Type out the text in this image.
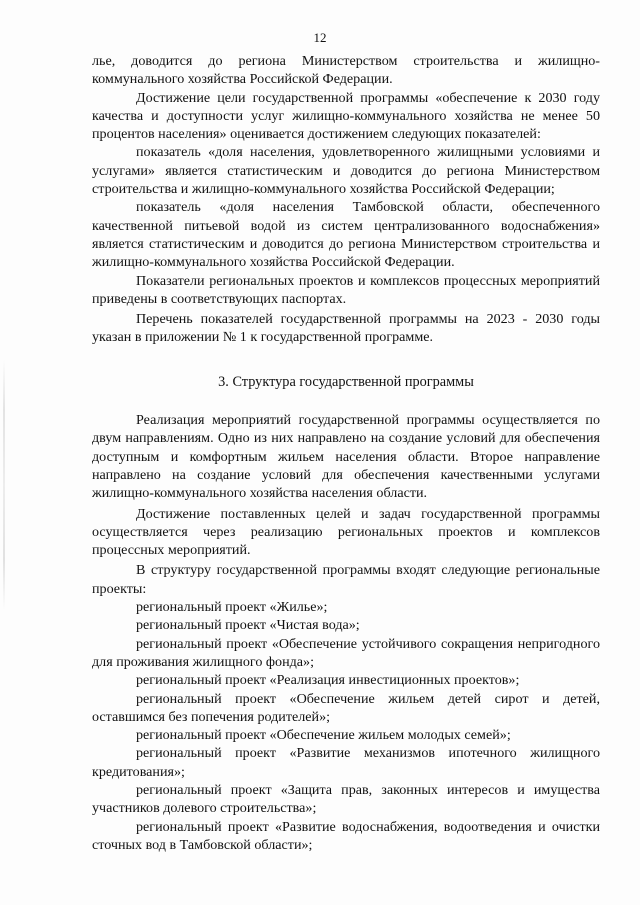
12

лье, доводится до региона Министерством строительства и жилищно-коммунального хозяйства Российской Федерации.

Достижение цели государственной программы «обеспечение к 2030 году качества и доступности услуг жилищно-коммунального хозяйства не менее 50 процентов населения» оценивается достижением следующих показателей:

показатель «доля населения, удовлетворенного жилищными условиями и услугами» является статистическим и доводится до региона Министерством строительства и жилищно-коммунального хозяйства Российской Федерации;

показатель «доля населения Тамбовской области, обеспеченного качественной питьевой водой из систем централизованного водоснабжения» является статистическим и доводится до региона Министерством строительства и жилищно-коммунального хозяйства Российской Федерации.

Показатели региональных проектов и комплексов процессных мероприятий приведены в соответствующих паспортах.

Перечень показателей государственной программы на 2023 - 2030 годы указан в приложении № 1 к государственной программе.

3. Структура государственной программы

Реализация мероприятий государственной программы осуществляется по двум направлениям. Одно из них направлено на создание условий для обеспечения доступным и комфортным жильем населения области. Второе направление направлено на создание условий для обеспечения качественными услугами жилищно-коммунального хозяйства населения области.

Достижение поставленных целей и задач государственной программы осуществляется через реализацию региональных проектов и комплексов процессных мероприятий.

В структуру государственной программы входят следующие региональные проекты:

региональный проект «Жилье»;

региональный проект «Чистая вода»;

региональный проект «Обеспечение устойчивого сокращения непригодного для проживания жилищного фонда»;

региональный проект «Реализация инвестиционных проектов»;

региональный проект «Обеспечение жильем детей сирот и детей, оставшимся без попечения родителей»;

региональный проект «Обеспечение жильем молодых семей»;

региональный проект «Развитие механизмов ипотечного жилищного кредитования»;

региональный проект «Защита прав, законных интересов и имущества участников долевого строительства»;

региональный проект «Развитие водоснабжения, водоотведения и очистки сточных вод в Тамбовской области»;
